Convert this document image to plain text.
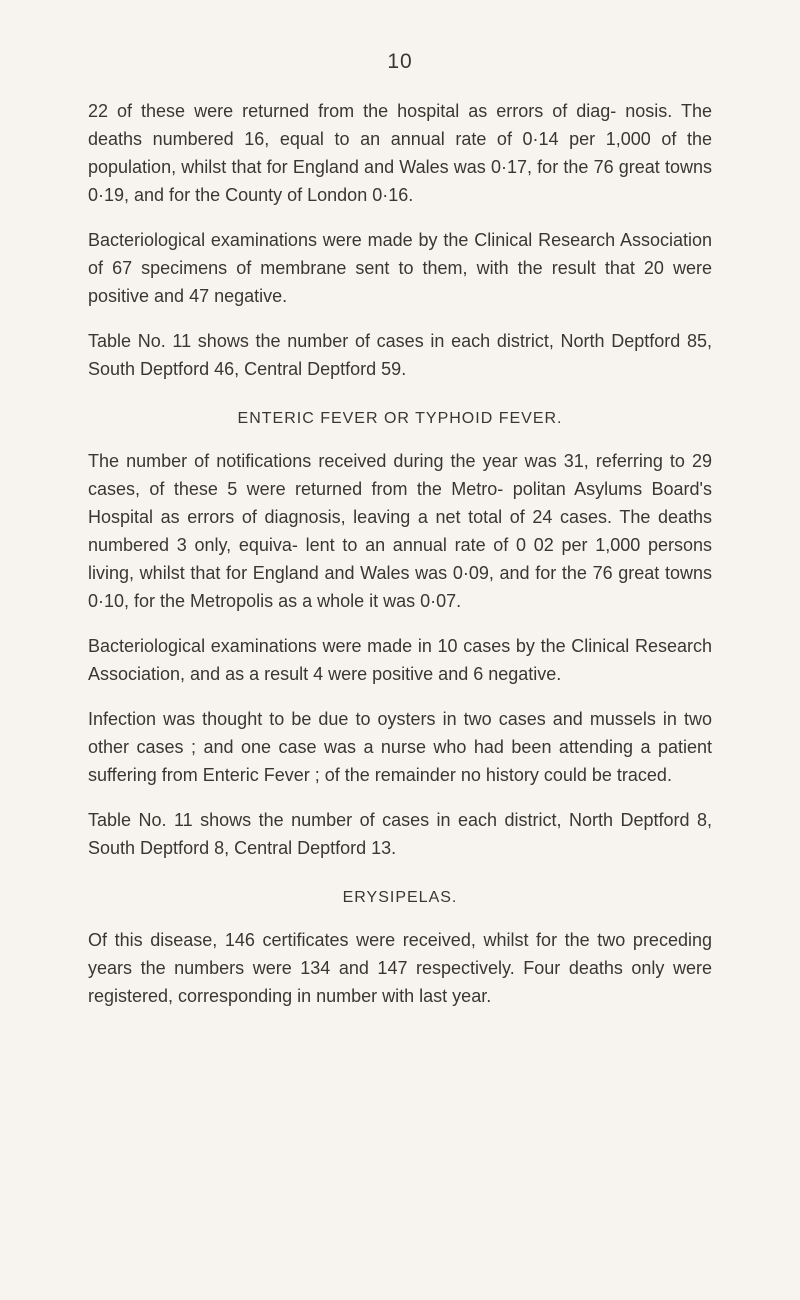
10

22 of these were returned from the hospital as errors of diag- nosis. The deaths numbered 16, equal to an annual rate of 0·14 per 1,000 of the population, whilst that for England and Wales was 0·17, for the 76 great towns 0·19, and for the County of London 0·16.

Bacteriological examinations were made by the Clinical Research Association of 67 specimens of membrane sent to them, with the result that 20 were positive and 47 negative.

Table No. 11 shows the number of cases in each district, North Deptford 85, South Deptford 46, Central Deptford 59.

ENTERIC FEVER OR TYPHOID FEVER.

The number of notifications received during the year was 31, referring to 29 cases, of these 5 were returned from the Metro- politan Asylums Board's Hospital as errors of diagnosis, leaving a net total of 24 cases. The deaths numbered 3 only, equiva- lent to an annual rate of 0 02 per 1,000 persons living, whilst that for England and Wales was 0·09, and for the 76 great towns 0·10, for the Metropolis as a whole it was 0·07.

Bacteriological examinations were made in 10 cases by the Clinical Research Association, and as a result 4 were positive and 6 negative.

Infection was thought to be due to oysters in two cases and mussels in two other cases ; and one case was a nurse who had been attending a patient suffering from Enteric Fever ; of the remainder no history could be traced.

Table No. 11 shows the number of cases in each district, North Deptford 8, South Deptford 8, Central Deptford 13.

ERYSIPELAS.

Of this disease, 146 certificates were received, whilst for the two preceding years the numbers were 134 and 147 respectively. Four deaths only were registered, corresponding in number with last year.
